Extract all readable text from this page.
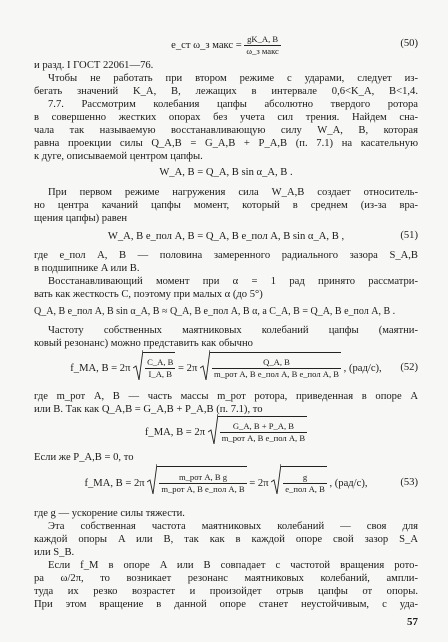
e_ст ω_з макс = $\frac{gK\_A, B}{\text{ω\_з макс}}$	(50)
и разд. I ГОСТ 22061—76.
Чтобы не работать при втором режиме с ударами, следует из-
бегать значений K_A, B, лежащих в интервале 0,6<K_A, B<1,4.
7.7. Рассмотрим колебания цапфы абсолютно твердого ротора
в совершенно жестких опорах без учета сил трения. Найдем сна-
чала так называемую восстанавливающую силу W_A, B, которая
равна проекции силы Q_A,B = G_A,B + P_A,B (п. 7.1) на касательную
к дуге, описываемой центром цапфы.
W_A, B = Q_A, B sin α_A, B .
При первом режиме нагружения сила W_A,B создает относитель-
но центра качаний цапфы момент, который в среднем (из-за вра-
щения цапфы) равен
W_A, B e_пол A, B = Q_A, B e_пол A, B sin α_A, B ,	(51)
где e_пол A, B — половина замеренного радиального зазора S_A,B
в подшипнике A или B.
Восстанавливающий момент при α = 1 рад принято рассматри-
вать как жесткость C, поэтому при малых α (до 5°)
Q_A, B e_пол A, B sin α_A, B ≈ Q_A, B e_пол A, B α, а C_A, B = Q_A, B e_пол A, B .
Частоту собственных маятниковых колебаний цапфы (маятни-
ковый резонанс) можно представить как обычно
f_MA, $B = 2\pi \frac{C\_A, B}{I\_A, B} = 2\pi \frac{Q\_A, B}{\text{m\_рот A, B e\_пол A, B e\_пол A, B}}$ , (рад/с),	(52)
где m_рот A, B — часть массы m_рот ротора, приведенная в опоре A
или B. Так как Q_A,B = G_A,B + P_A,B (п. 7.1), то
f_MA, $B = 2\pi \frac{G\_A, B + P\_A, B}{\text{m\_рот A, B e\_пол A, B}}$
Если же P_A,B = 0, то
f_MA, $B = 2\pi \frac{\text{m\_рот A, B g}}{\text{m\_рот A, B e\_пол A, B}} = 2\pi \frac{g}{\text{e\_пол A, B}}$ , (рад/с),	(53)
где g — ускорение силы тяжести.
Эта собственная частота маятниковых колебаний — своя для
каждой опоры A или B, так как в каждой опоре свой зазор S_A
или S_B.
Если f_M в опоре A или B совпадает с частотой вращения рото-
ра ω/2π, то возникает резонанс маятниковых колебаний, ампли-
туда их резко возрастет и произойдет отрыв цапфы от опоры.
При этом вращение в данной опоре станет неустойчивым, с уда-
57
